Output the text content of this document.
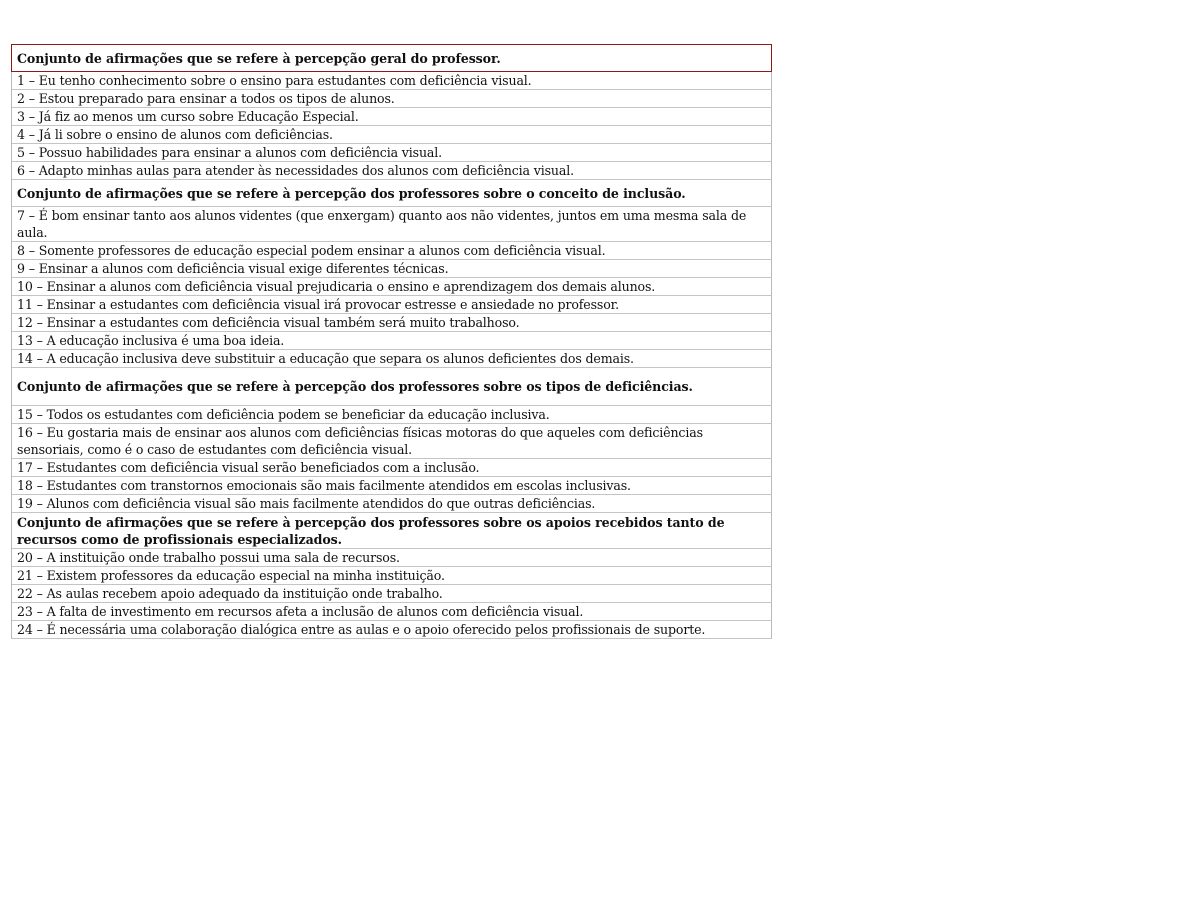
Conjunto de afirmações que se refere à percepção geral do professor.
1 – Eu tenho conhecimento sobre o ensino para estudantes com deficiência visual.
2 – Estou preparado para ensinar a todos os tipos de alunos.
3 – Já fiz ao menos um curso sobre Educação Especial.
4 – Já li sobre o ensino de alunos com deficiências.
5 – Possuo habilidades para ensinar a alunos com deficiência visual.
6 – Adapto minhas aulas para atender às necessidades dos alunos com deficiência visual.
Conjunto de afirmações que se refere à percepção dos professores sobre o conceito de inclusão.
7 – É bom ensinar tanto aos alunos videntes (que enxergam) quanto aos não videntes, juntos em uma mesma sala de aula.
8 – Somente professores de educação especial podem ensinar a alunos com deficiência visual.
9 – Ensinar a alunos com deficiência visual exige diferentes técnicas.
10 – Ensinar a alunos com deficiência visual prejudicaria o ensino e aprendizagem dos demais alunos.
11 – Ensinar a estudantes com deficiência visual irá provocar estresse e ansiedade no professor.
12 – Ensinar a estudantes com deficiência visual também será muito trabalhoso.
13 – A educação inclusiva é uma boa ideia.
14 – A educação inclusiva deve substituir a educação que separa os alunos deficientes dos demais.
Conjunto de afirmações que se refere à percepção dos professores sobre os tipos de deficiências.
15 – Todos os estudantes com deficiência podem se beneficiar da educação inclusiva.
16 – Eu gostaria mais de ensinar aos alunos com deficiências físicas motoras do que aqueles com deficiências sensoriais, como é o caso de estudantes com deficiência visual.
17 – Estudantes com deficiência visual serão beneficiados com a inclusão.
18 – Estudantes com transtornos emocionais são mais facilmente atendidos em escolas inclusivas.
19 – Alunos com deficiência visual são mais facilmente atendidos do que outras deficiências.
Conjunto de afirmações que se refere à percepção dos professores sobre os apoios recebidos tanto de recursos como de profissionais especializados.
20 – A instituição onde trabalho possui uma sala de recursos.
21 – Existem professores da educação especial na minha instituição.
22 – As aulas recebem apoio adequado da instituição onde trabalho.
23 – A falta de investimento em recursos afeta a inclusão de alunos com deficiência visual.
24 – É necessária uma colaboração dialógica entre as aulas e o apoio oferecido pelos profissionais de suporte.
